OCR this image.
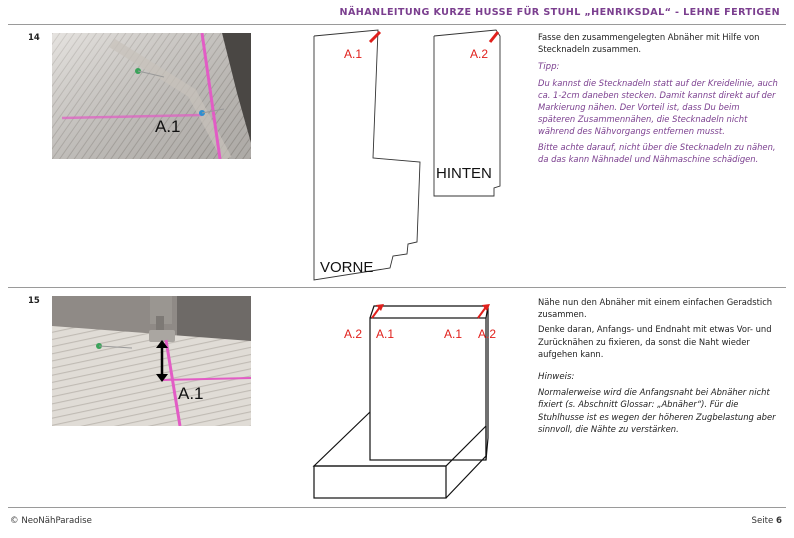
NÄHANLEITUNG KURZE HUSSE FÜR STUHL „HENRIKSDAL“ - LEHNE FERTIGEN
14
A.1
A.1
VORNE
A.2
HINTEN

Fasse den zusammengelegten Abnäher mit Hilfe von Stecknadeln zusammen.

Tipp:

Du kannst die Stecknadeln statt auf der Kreidelinie, auch ca. 1-2cm daneben stecken. Damit kannst direkt auf der Markierung nähen. Der Vorteil ist, dass Du beim späteren Zusammennähen, die Stecknadeln nicht während des Nähvorgangs entfernen musst.

Bitte achte darauf, nicht über die Stecknadeln zu nähen, da das kann Nähnadel und Nähmaschine schädigen.

15
A.1
A.2 A.1	A.1 A.2

Nähe nun den Abnäher mit einem einfachen Geradstich zusammen.

Denke daran, Anfangs- und Endnaht mit etwas Vor- und Zurücknähen zu fixieren, da sonst die Naht wieder aufgehen kann.

Hinweis:

Normalerweise wird die Anfangsnaht bei Abnäher nicht fixiert (s. Abschnitt Glossar: „Abnäher“). Für die Stuhlhusse ist es wegen der höheren Zugbelastung aber sinnvoll, die Nähte zu verstärken.

© NeoNähParadise	Seite 6
